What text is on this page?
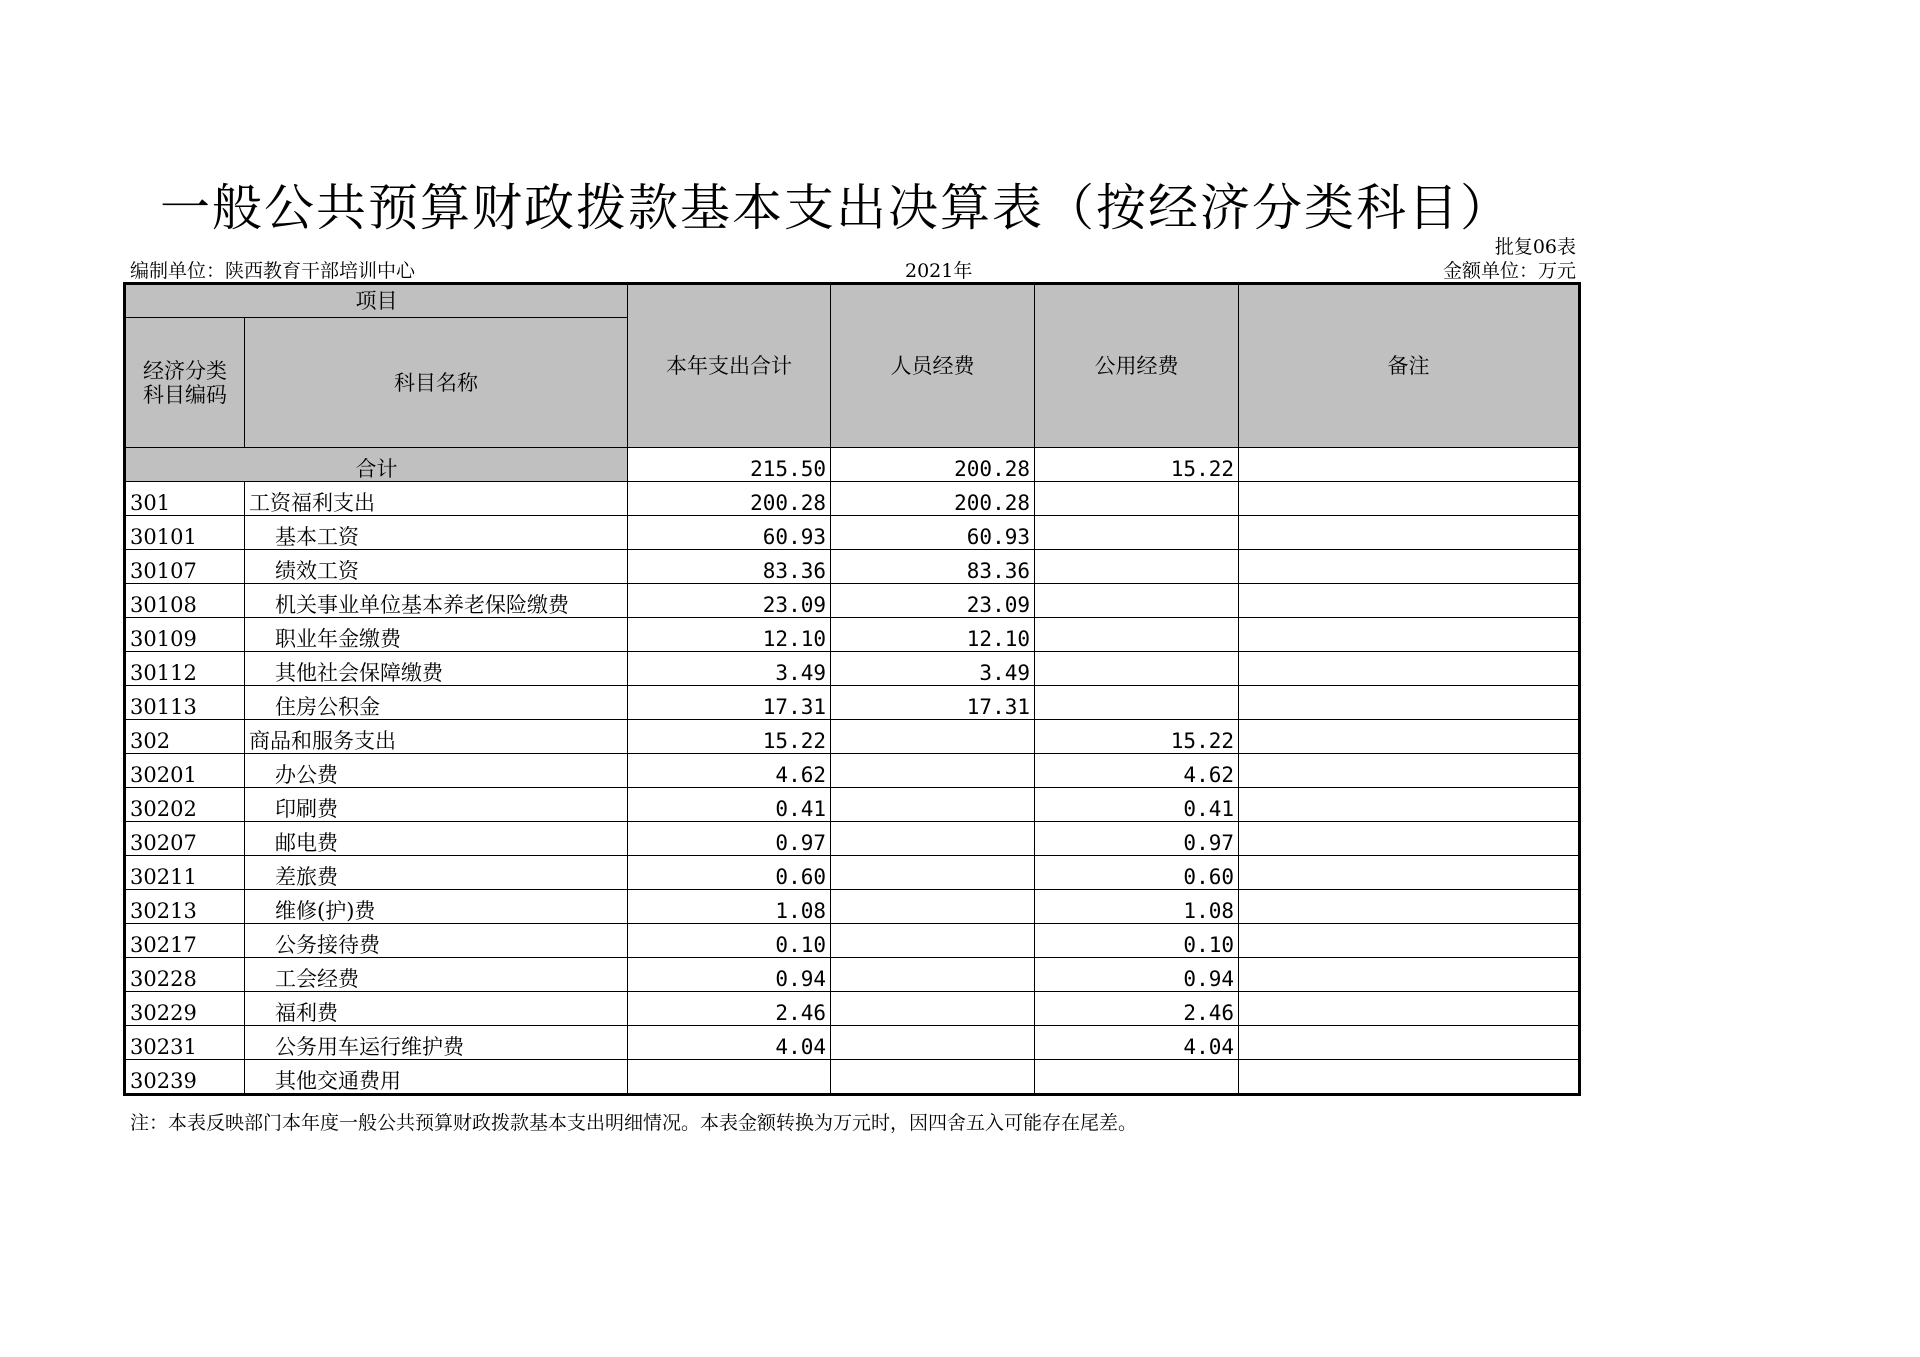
一般公共预算财政拨款基本支出决算表（按经济分类科目）
批复06表
编制单位：陕西教育干部培训中心	2021年	金额单位：万元
项目		本年支出合计	人员经费	公用经费	备注
经济分类科目编码	科目名称				
合计		215.50	200.28	15.22	
301	工资福利支出	200.28	200.28		
30101	基本工资	60.93	60.93		
30107	绩效工资	83.36	83.36		
30108	机关事业单位基本养老保险缴费	23.09	23.09		
30109	职业年金缴费	12.10	12.10		
30112	其他社会保障缴费	3.49	3.49		
30113	住房公积金	17.31	17.31		
302	商品和服务支出	15.22		15.22	
30201	办公费	4.62		4.62	
30202	印刷费	0.41		0.41	
30207	邮电费	0.97		0.97	
30211	差旅费	0.60		0.60	
30213	维修(护)费	1.08		1.08	
30217	公务接待费	0.10		0.10	
30228	工会经费	0.94		0.94	
30229	福利费	2.46		2.46	
30231	公务用车运行维护费	4.04		4.04	
30239	其他交通费用				
注：本表反映部门本年度一般公共预算财政拨款基本支出明细情况。本表金额转换为万元时，因四舍五入可能存在尾差。
